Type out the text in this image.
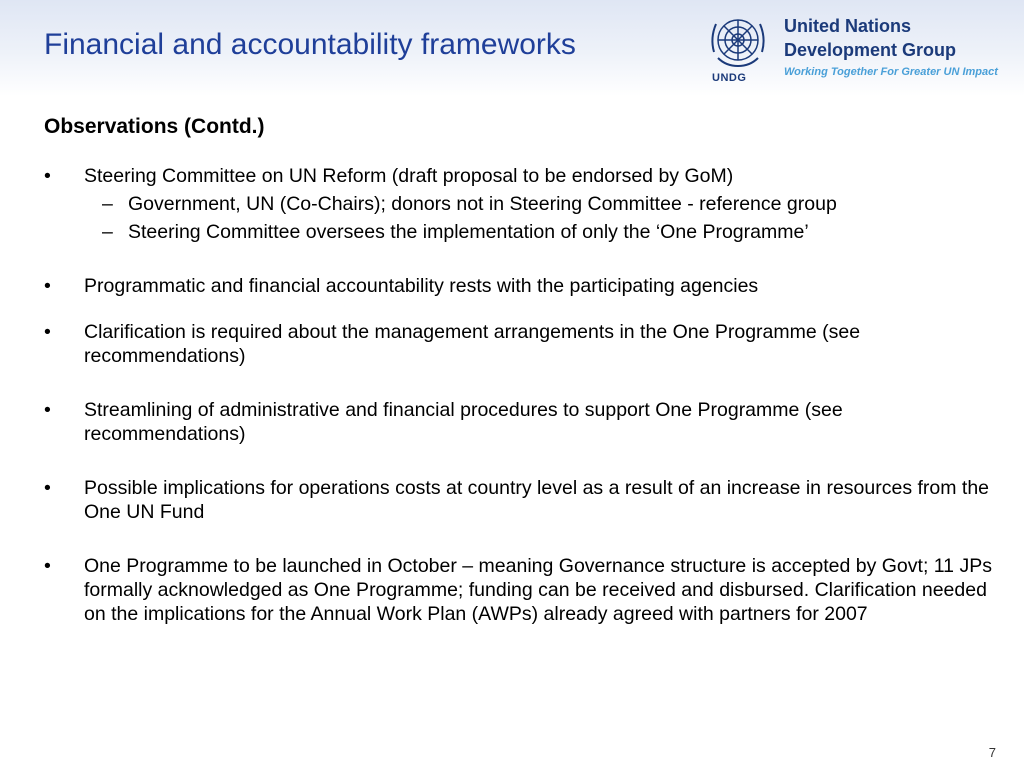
Financial and accountability frameworks
UNDG
United Nations
Development Group
Working Together For Greater UN Impact
Observations (Contd.)
• Steering Committee on UN Reform (draft proposal to be endorsed by GoM)
– Government, UN (Co-Chairs); donors not in Steering Committee - reference group
– Steering Committee oversees the implementation of only the ‘One Programme’
• Programmatic and financial accountability rests with the participating agencies
• Clarification is required about the management arrangements in the One Programme (see recommendations)
• Streamlining of administrative and financial procedures to support One Programme (see recommendations)
• Possible implications for operations costs at country level as a result of an increase in resources from the One UN Fund
• One Programme to be launched in October – meaning Governance structure is accepted by Govt; 11 JPs formally acknowledged as One Programme; funding can be received and disbursed. Clarification needed on the implications for the Annual Work Plan (AWPs) already agreed with partners for 2007
7
